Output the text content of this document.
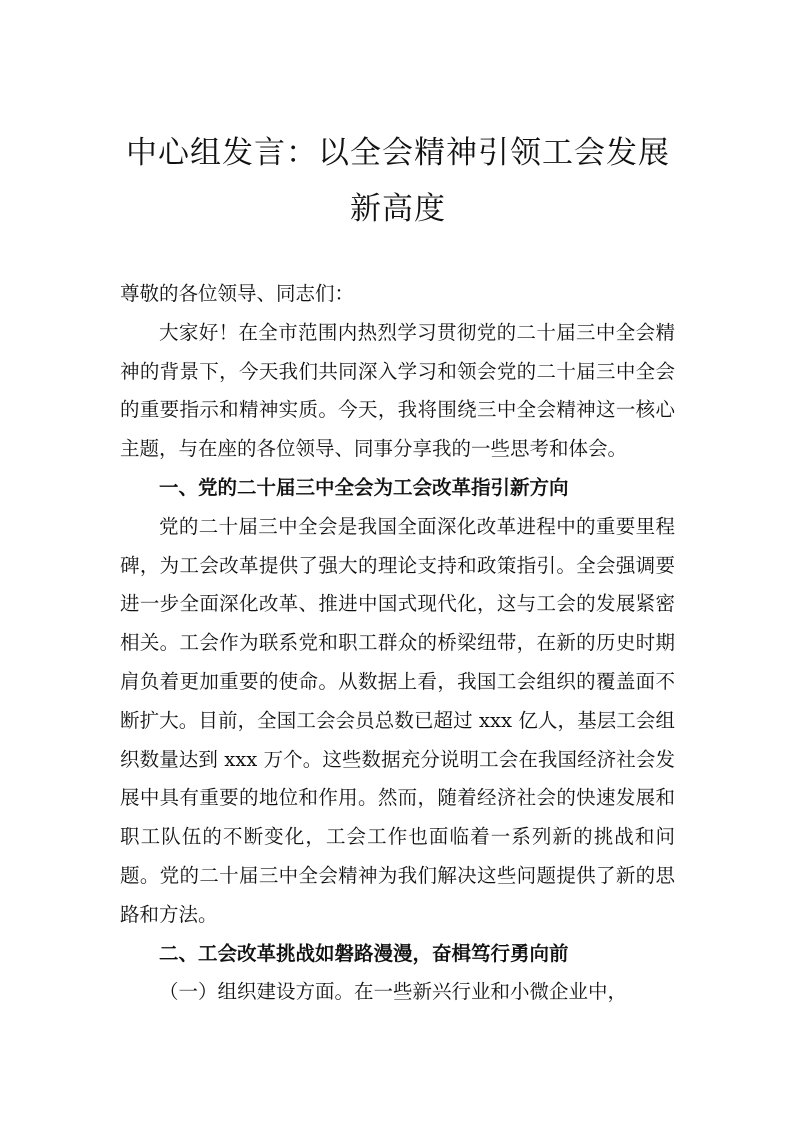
中心组发言：以全会精神引领工会发展新高度

尊敬的各位领导、同志们：

大家好！在全市范围内热烈学习贯彻党的二十届三中全会精神的背景下，今天我们共同深入学习和领会党的二十届三中全会的重要指示和精神实质。今天，我将围绕三中全会精神这一核心主题，与在座的各位领导、同事分享我的一些思考和体会。

一、党的二十届三中全会为工会改革指引新方向

党的二十届三中全会是我国全面深化改革进程中的重要里程碑，为工会改革提供了强大的理论支持和政策指引。全会强调要进一步全面深化改革、推进中国式现代化，这与工会的发展紧密相关。工会作为联系党和职工群众的桥梁纽带，在新的历史时期肩负着更加重要的使命。从数据上看，我国工会组织的覆盖面不断扩大。目前，全国工会会员总数已超过 xxx 亿人，基层工会组织数量达到 xxx 万个。这些数据充分说明工会在我国经济社会发展中具有重要的地位和作用。然而，随着经济社会的快速发展和职工队伍的不断变化，工会工作也面临着一系列新的挑战和问题。党的二十届三中全会精神为我们解决这些问题提供了新的思路和方法。

二、工会改革挑战如磐路漫漫，奋楫笃行勇向前

（一）组织建设方面。在一些新兴行业和小微企业中，
